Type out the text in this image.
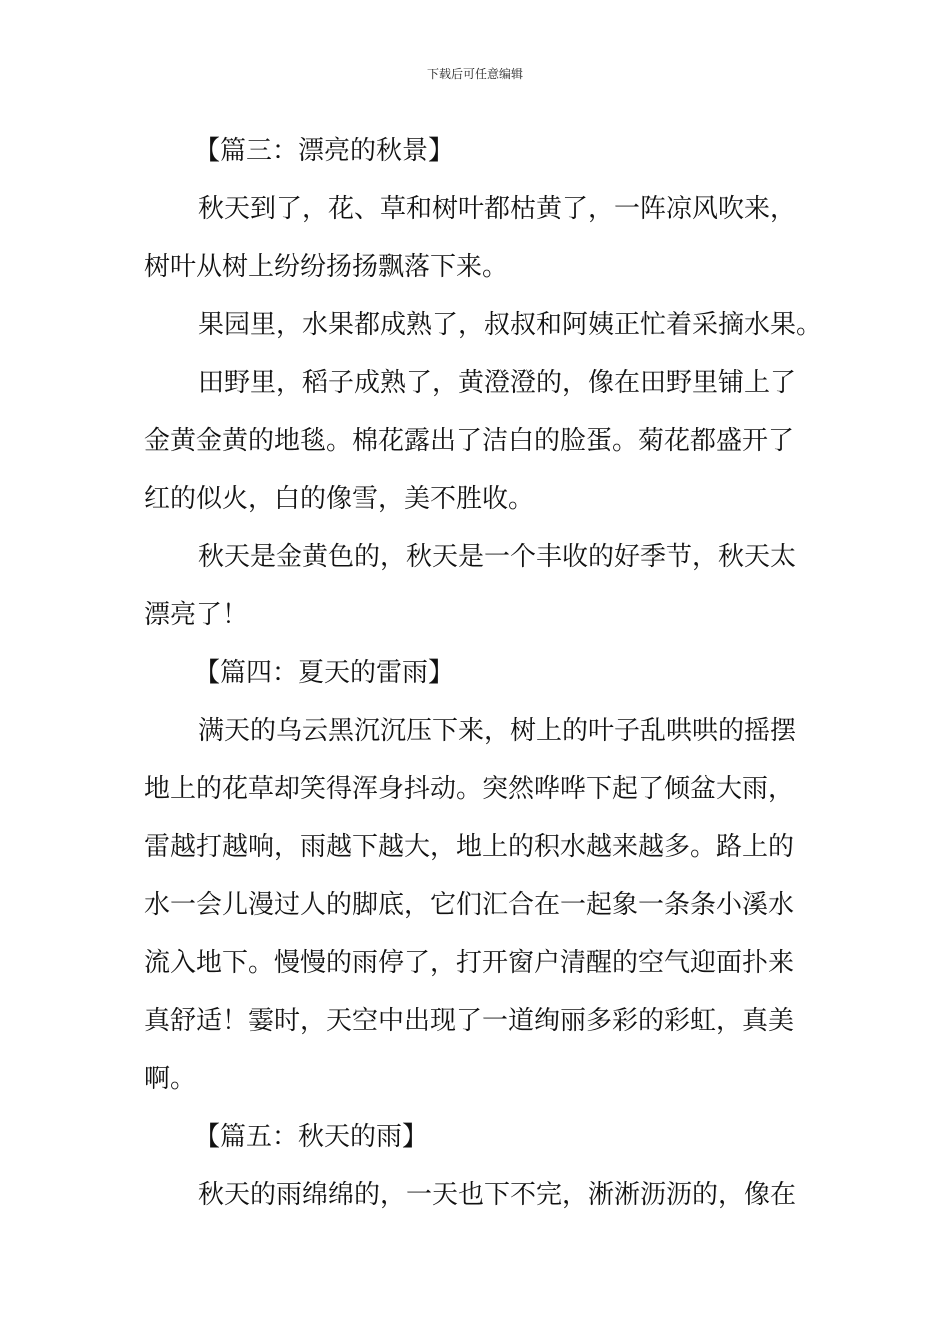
下载后可任意编辑
【篇三：漂亮的秋景】
秋天到了，花、草和树叶都枯黄了，一阵凉风吹来，
树叶从树上纷纷扬扬飘落下来。
果园里，水果都成熟了，叔叔和阿姨正忙着采摘水果。
田野里，稻子成熟了，黄澄澄的，像在田野里铺上了
金黄金黄的地毯。棉花露出了洁白的脸蛋。菊花都盛开了
红的似火，白的像雪，美不胜收。
秋天是金黄色的，秋天是一个丰收的好季节，秋天太
漂亮了！
【篇四：夏天的雷雨】
满天的乌云黑沉沉压下来，树上的叶子乱哄哄的摇摆
地上的花草却笑得浑身抖动。突然哗哗下起了倾盆大雨，
雷越打越响，雨越下越大，地上的积水越来越多。路上的
水一会儿漫过人的脚底，它们汇合在一起象一条条小溪水
流入地下。慢慢的雨停了，打开窗户清醒的空气迎面扑来
真舒适！霎时，天空中出现了一道绚丽多彩的彩虹，真美
啊。
【篇五：秋天的雨】
秋天的雨绵绵的，一天也下不完，淅淅沥沥的，像在
